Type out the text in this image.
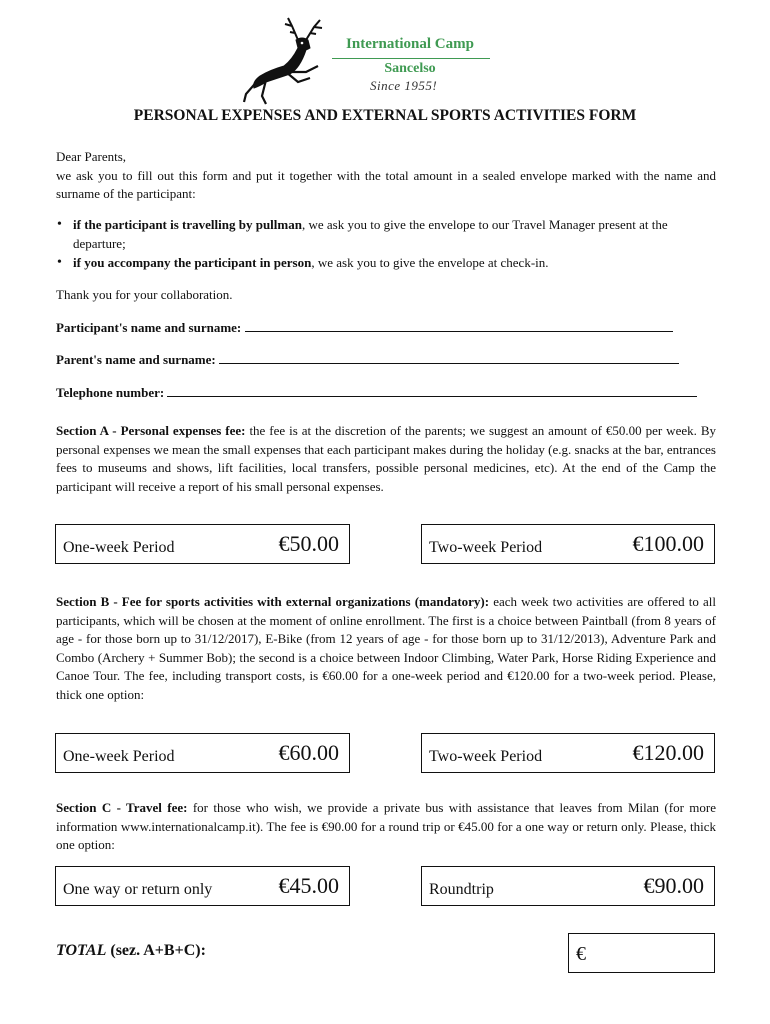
International Camp
Sancelso
Since 1955!
PERSONAL EXPENSES AND EXTERNAL SPORTS ACTIVITIES FORM
Dear Parents,
we ask you to fill out this form and put it together with the total amount in a sealed envelope marked with the name and surname of the participant:
• if the participant is travelling by pullman, we ask you to give the envelope to our Travel Manager present at the departure;
• if you accompany the participant in person, we ask you to give the envelope at check-in.
Thank you for your collaboration.
Participant's name and surname:
Parent's name and surname:
Telephone number:
Section A - Personal expenses fee: the fee is at the discretion of the parents; we suggest an amount of €50.00 per week. By personal expenses we mean the small expenses that each participant makes during the holiday (e.g. snacks at the bar, entrances fees to museums and shows, lift facilities, local transfers, possible personal medicines, etc). At the end of the Camp the participant will receive a report of his small personal expenses.
One-week Period	€50.00	Two-week Period	€100.00
Section B - Fee for sports activities with external organizations (mandatory): each week two activities are offered to all participants, which will be chosen at the moment of online enrollment. The first is a choice between Paintball (from 8 years of age - for those born up to 31/12/2017), E-Bike (from 12 years of age - for those born up to 31/12/2013), Adventure Park and Combo (Archery + Summer Bob); the second is a choice between Indoor Climbing, Water Park, Horse Riding Experience and Canoe Tour. The fee, including transport costs, is €60.00 for a one-week period and €120.00 for a two-week period. Please, thick one option:
One-week Period	€60.00	Two-week Period	€120.00
Section C - Travel fee: for those who wish, we provide a private bus with assistance that leaves from Milan (for more information www.internationalcamp.it). The fee is €90.00 for a round trip or €45.00 for a one way or return only. Please, thick one option:
One way or return only	€45.00	Roundtrip	€90.00
TOTAL (sez. A+B+C):	€
